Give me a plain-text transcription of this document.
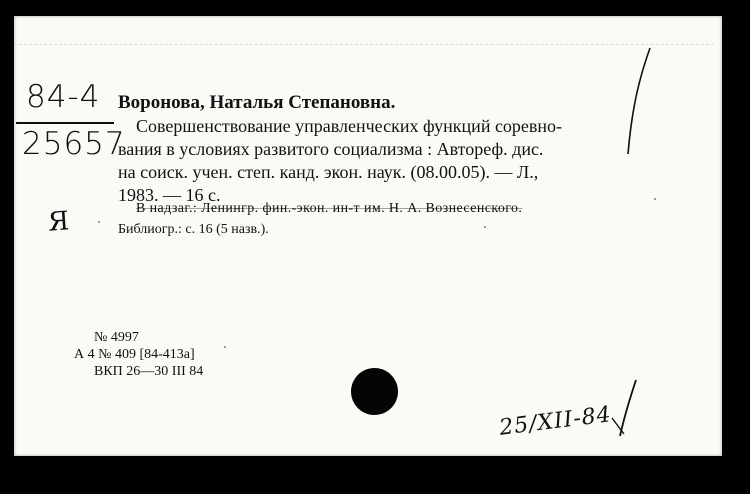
84-4
25657
Я
Воронова, Наталья Степановна.
Совершенствование управленческих функций соревно-
вания в условиях развитого социализма : Автореф. дис.
на соиск. учен. степ. канд. экон. наук. (08.00.05). — Л.,
1983. — 16 с.
В надзаг.: Ленингр. фин.-экон. ин-т им. Н. А. Вознесенского.
Библиогр.: с. 16 (5 назв.).
№ 4997
А 4 № 409 [84-413а]
ВКП 26—30 III 84
25/XII-84
